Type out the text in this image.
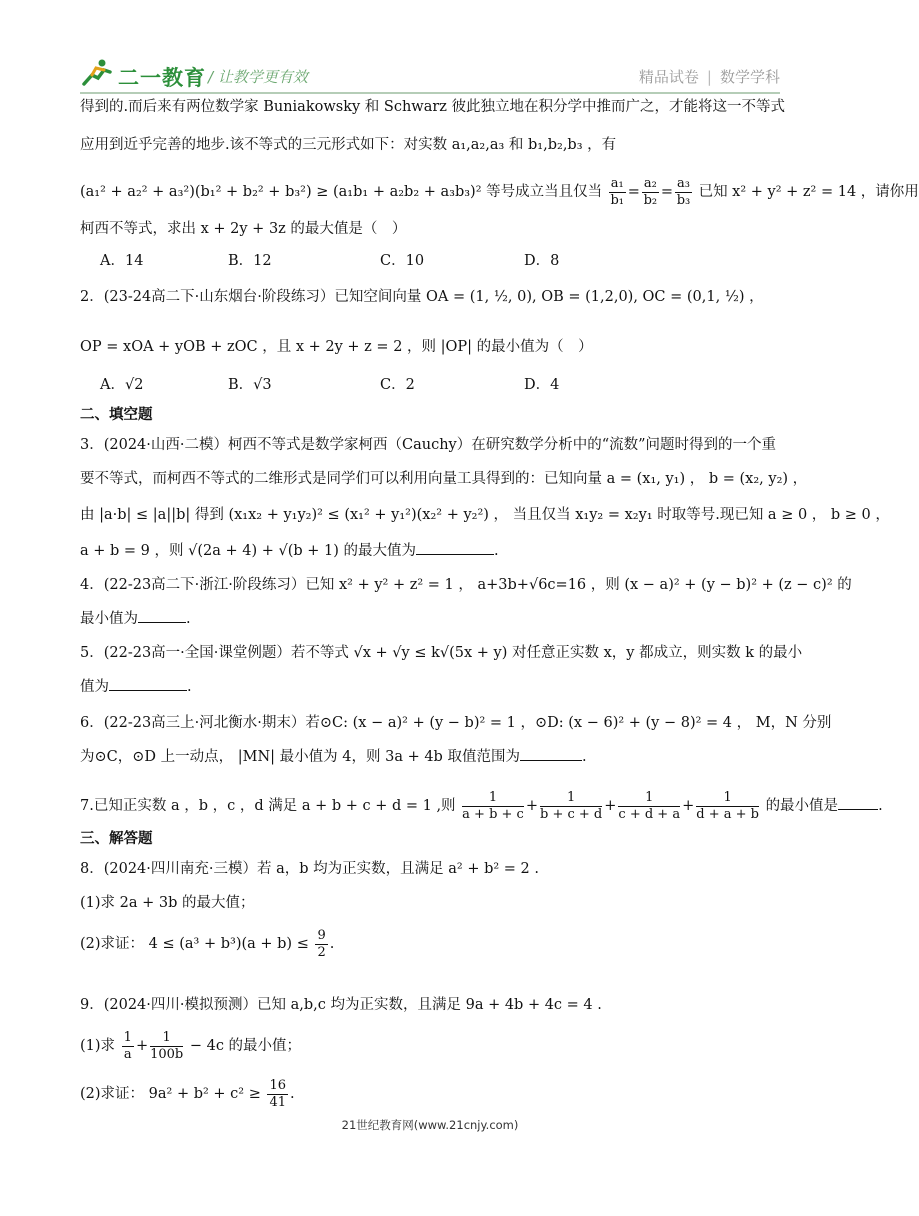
二一教育 / 让教学更有效	精品试卷 | 数学学科
得到的.而后来有两位数学家 Buniakowsky 和 Schwarz 彼此独立地在积分学中推而广之，才能将这一不等式
应用到近乎完善的地步.该不等式的三元形式如下：对实数 a₁,a₂,a₃ 和 b₁,b₂,b₃ ，有
(a₁² + a₂² + a₃²)(b₁² + b₂² + b₃²) ≥ (a₁b₁ + a₂b₂ + a₃b₃)² 等号成立当且仅当 $\frac{\text{a₁}}{\text{b₁}} = \frac{\text{a₂}}{\text{b₂}} = \frac{\text{a₃}}{\text{b₃}}$ 已知 x² + y² + z² = 14 ，请你用
柯西不等式，求出 x + 2y + 3z 的最大值是（　）
A．14	B．12	C．10	D．8
2．(23-24高二下·山东烟台·阶段练习）已知空间向量 OA = (1, ½, 0), OB = (1,2,0), OC = (0,1, ½) ，
OP = xOA + yOB + zOC ，且 x + 2y + z = 2 ，则 |OP| 的最小值为（　）
A．√2	B．√3	C．2	D．4
二、填空题
3．(2024·山西·二模）柯西不等式是数学家柯西（Cauchy）在研究数学分析中的“流数”问题时得到的一个重
要不等式，而柯西不等式的二维形式是同学们可以利用向量工具得到的：已知向量 a = (x₁, y₁) ， b = (x₂, y₂) ，
由 |a·b| ≤ |a||b| 得到 (x₁x₂ + y₁y₂)² ≤ (x₁² + y₁²)(x₂² + y₂²) ， 当且仅当 x₁y₂ = x₂y₁ 时取等号.现已知 a ≥ 0 ， b ≥ 0 ，
a + b = 9 ，则 √(2a + 4) + √(b + 1) 的最大值为	.
4．(22-23高二下·浙江·阶段练习）已知 x² + y² + z² = 1 ， a+3b+√6c=16 ，则 (x − a)² + (y − b)² + (z − c)² 的
最小值为	.
5．(22-23高一·全国·课堂例题）若不等式 √x + √y ≤ k√(5x + y) 对任意正实数 x，y 都成立，则实数 k 的最小
值为	.
6．(22-23高三上·河北衡水·期末）若⊙C: (x − a)² + (y − b)² = 1 ，⊙D: (x − 6)² + (y − 8)² = 4 ， M，N 分别
为⊙C，⊙D 上一动点， |MN| 最小值为 4，则 3a + 4b 取值范围为	.
7.已知正实数 a ，b ，c ，d 满足 a + b + c + d = 1 ,则 $\frac{1}{a + b + c} + \frac{1}{b + c + d} + \frac{1}{c + d + a} + \frac{1}{d + a + b}$ 的最小值是	.
三、解答题
8．(2024·四川南充·三模）若 a，b 均为正实数，且满足 a² + b² = 2 .
(1)求 2a + 3b 的最大值；
(2)求证： $4 \le (a^3 + b^3)(a + b) \le \frac{9}{2}$ .
9．(2024·四川·模拟预测）已知 a,b,c 均为正实数，且满足 9a + 4b + 4c = 4 .
(1)求 $\frac{1}{a} + \frac{1}{100b} - 4c$ 的最小值；
(2)求证： $9a^2 + b^2 + c^2 \ge \frac{16}{41}$ .
21世纪教育网(www.21cnjy.com)
